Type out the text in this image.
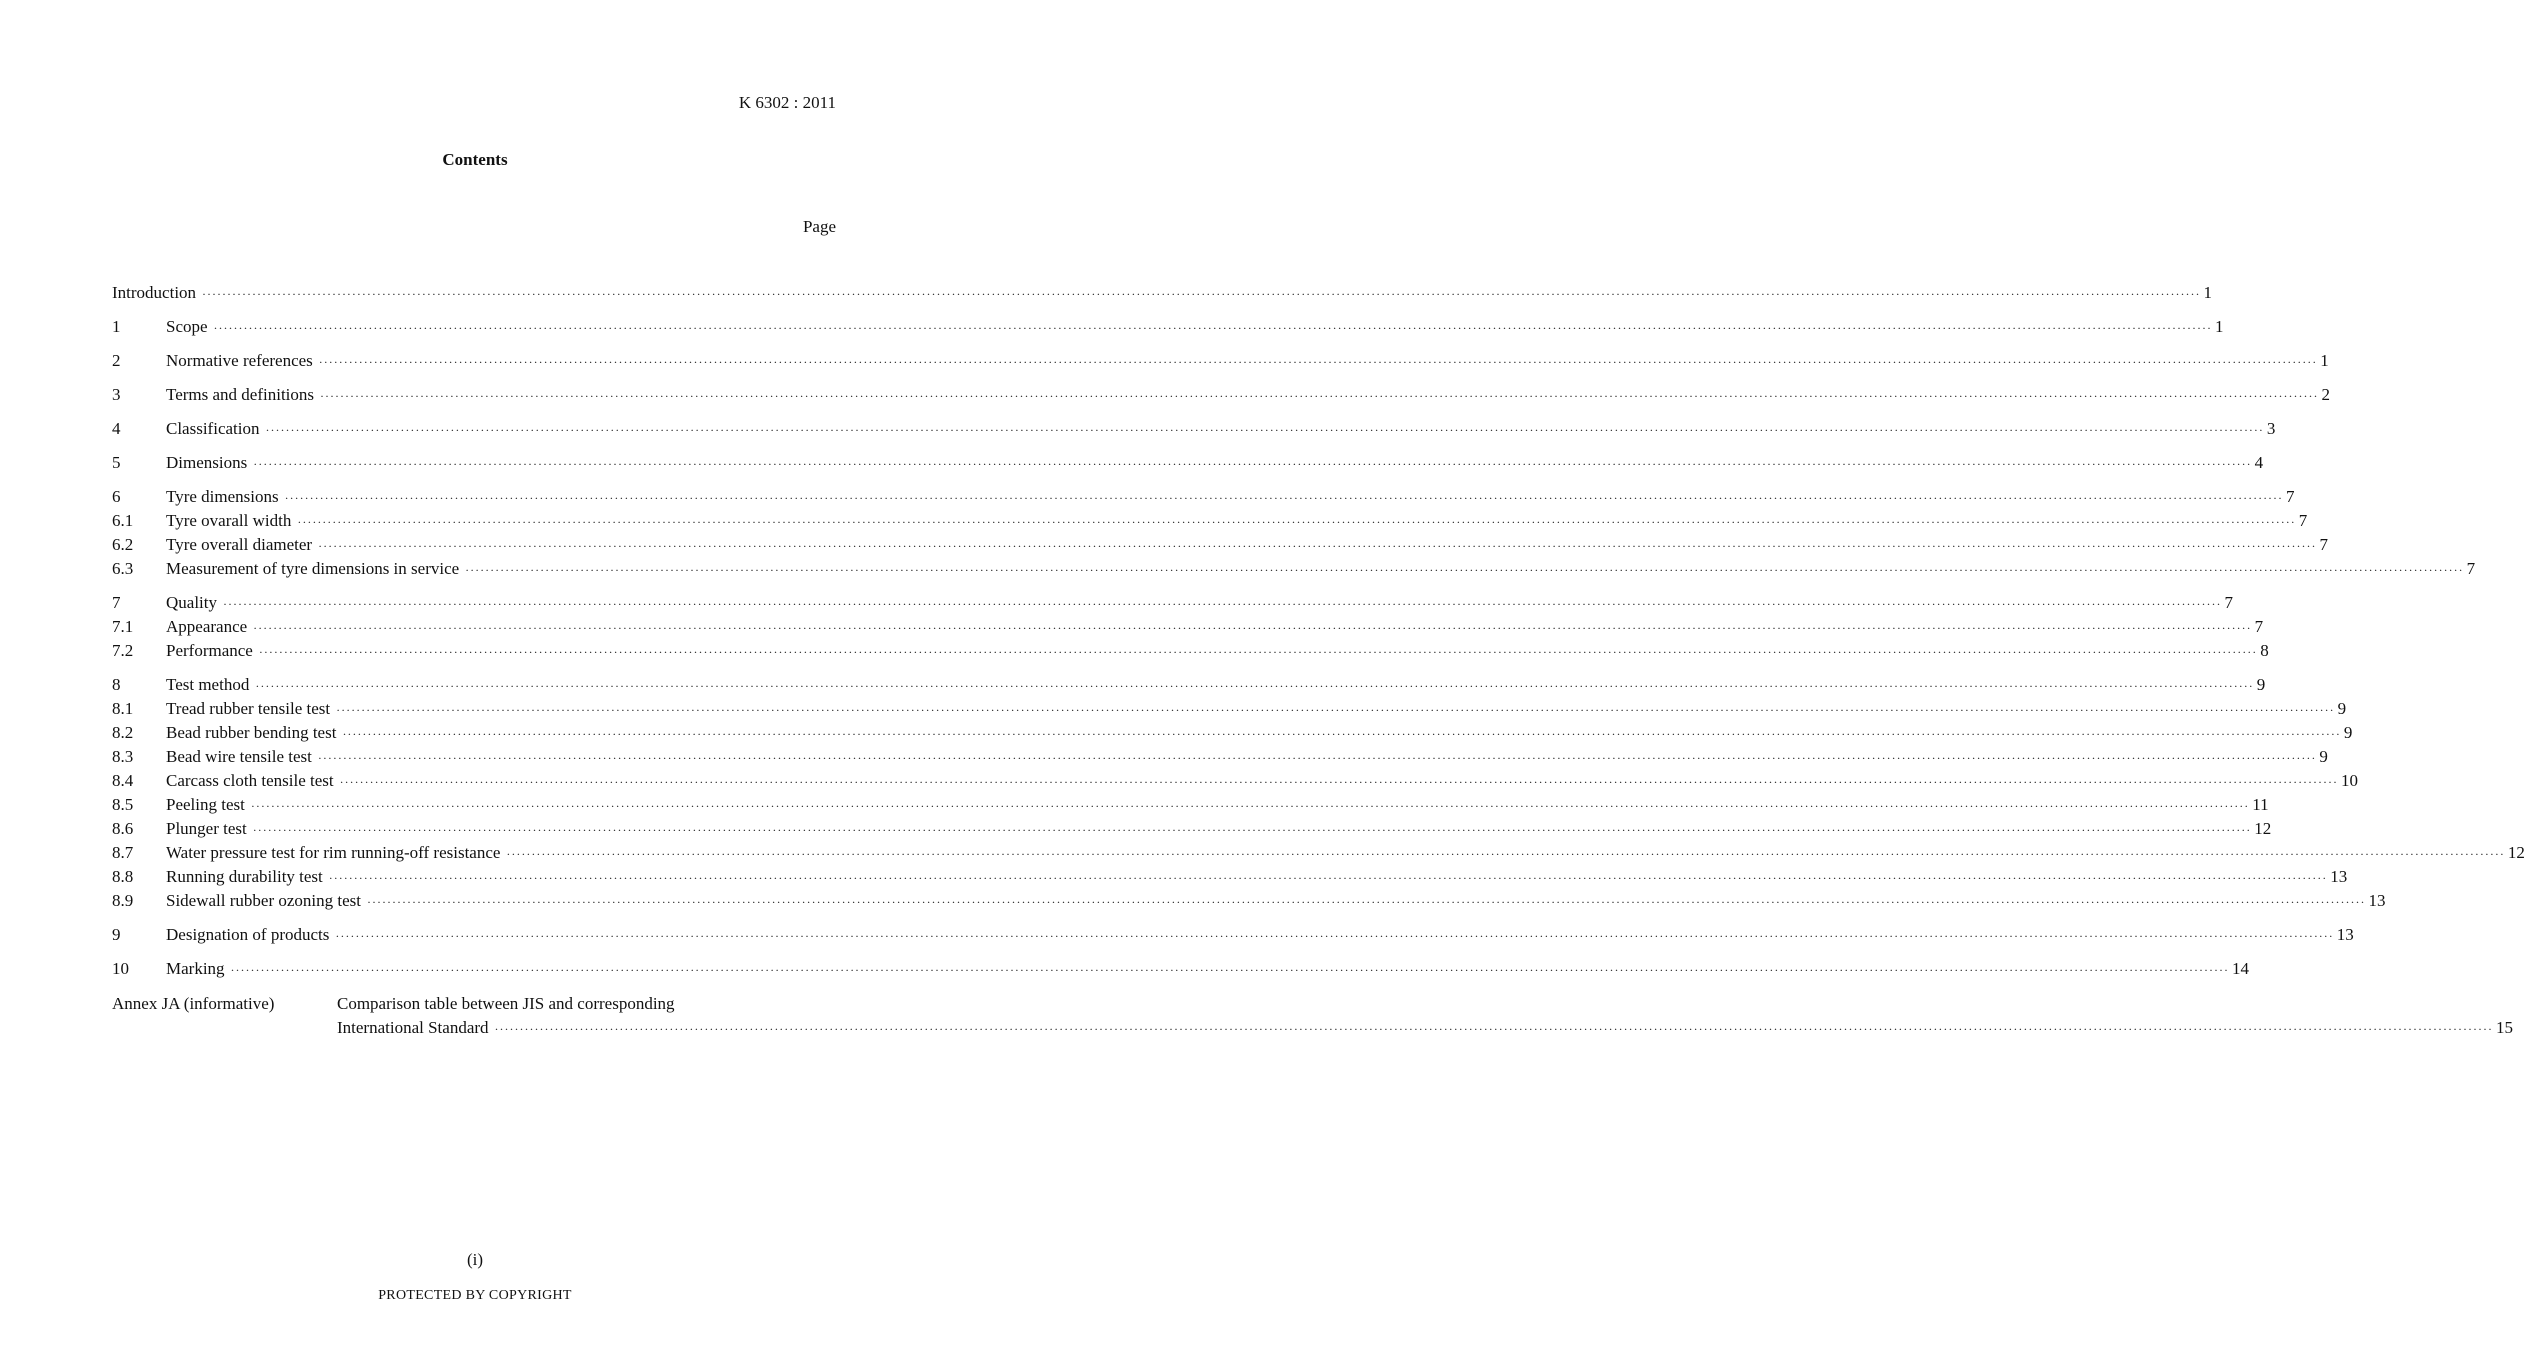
K 6302 : 2011
Contents
Page
Introduction ················································································································································································································································································································································································································ 1
1	Scope ················································································································································································································································································································································································································ 1
2	Normative references ················································································································································································································································································································································································································ 1
3	Terms and definitions ················································································································································································································································································································································································································ 2
4	Classification ················································································································································································································································································································································································································ 3
5	Dimensions ················································································································································································································································································································································································································ 4
6	Tyre dimensions ················································································································································································································································································································································································································ 7
6.1	Tyre ovarall width ················································································································································································································································································································································································································ 7
6.2	Tyre overall diameter ················································································································································································································································································································································································································ 7
6.3	Measurement of tyre dimensions in service ················································································································································································································································································································································································································ 7
7	Quality ················································································································································································································································································································································································································ 7
7.1	Appearance ················································································································································································································································································································································································································ 7
7.2	Performance ················································································································································································································································································································································································································ 8
8	Test method ················································································································································································································································································································································································································ 9
8.1	Tread rubber tensile test ················································································································································································································································································································································································································ 9
8.2	Bead rubber bending test ················································································································································································································································································································································································································ 9
8.3	Bead wire tensile test ················································································································································································································································································································································································································ 9
8.4	Carcass cloth tensile test ················································································································································································································································································································································································································ 10
8.5	Peeling test ················································································································································································································································································································································································································ 11
8.6	Plunger test ················································································································································································································································································································································································································ 12
8.7	Water pressure test for rim running-off resistance ················································································································································································································································································································································································································ 12
8.8	Running durability test ················································································································································································································································································································································································································ 13
8.9	Sidewall rubber ozoning test ················································································································································································································································································································································································································ 13
9	Designation of products ················································································································································································································································································································································································································ 13
10	Marking ················································································································································································································································································································································································································ 14
Annex JA (informative)	Comparison table between JIS and corresponding
International Standard ················································································································································································································································································································································································································ 15
(i)
PROTECTED BY COPYRIGHT
